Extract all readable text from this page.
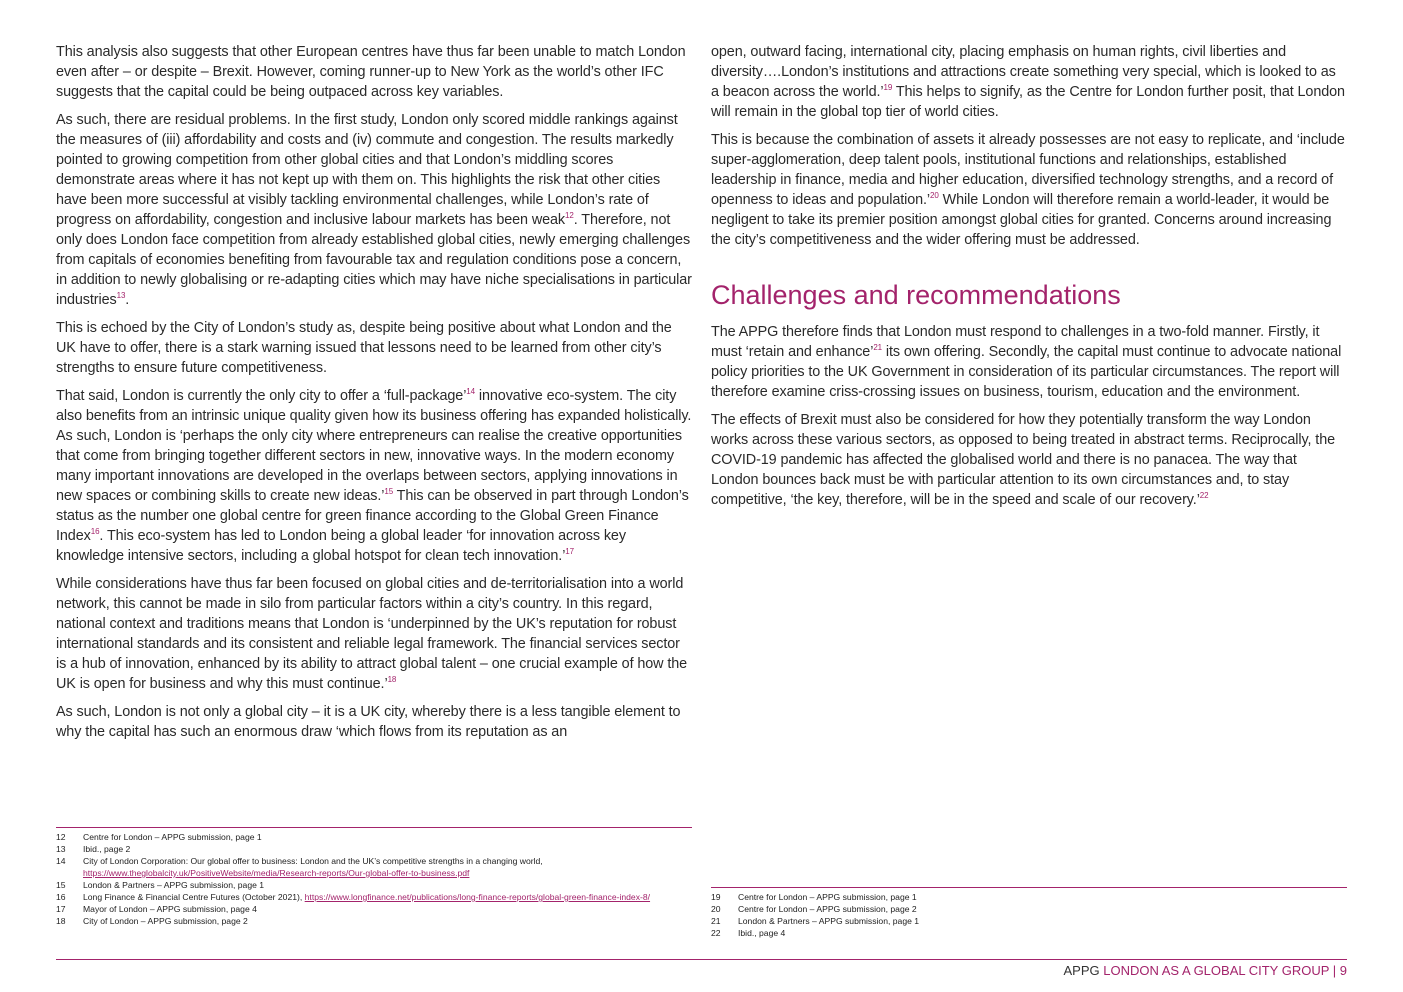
This analysis also suggests that other European centres have thus far been unable to match London even after – or despite – Brexit. However, coming runner-up to New York as the world’s other IFC suggests that the capital could be being outpaced across key variables.

As such, there are residual problems. In the first study, London only scored middle rankings against the measures of (iii) affordability and costs and (iv) commute and congestion. The results markedly pointed to growing competition from other global cities and that London’s middling scores demonstrate areas where it has not kept up with them on. This highlights the risk that other cities have been more successful at visibly tackling environmental challenges, while London’s rate of progress on affordability, congestion and inclusive labour markets has been weak$^{12}$. Therefore, not only does London face competition from already established global cities, newly emerging challenges from capitals of economies benefiting from favourable tax and regulation conditions pose a concern, in addition to newly globalising or re-adapting cities which may have niche specialisations in particular industries$^{13}$.

This is echoed by the City of London’s study as, despite being positive about what London and the UK have to offer, there is a stark warning issued that lessons need to be learned from other city’s strengths to ensure future competitiveness.

That said, London is currently the only city to offer a ‘full-package’$^{14}$ innovative eco-system. The city also benefits from an intrinsic unique quality given how its business offering has expanded holistically. As such, London is ‘perhaps the only city where entrepreneurs can realise the creative opportunities that come from bringing together different sectors in new, innovative ways. In the modern economy many important innovations are developed in the overlaps between sectors, applying innovations in new spaces or combining skills to create new ideas.’$^{15}$ This can be observed in part through London’s status as the number one global centre for green finance according to the Global Green Finance Index$^{16}$. This eco-system has led to London being a global leader ‘for innovation across key knowledge intensive sectors, including a global hotspot for clean tech innovation.’$^{17}$

While considerations have thus far been focused on global cities and de-territorialisation into a world network, this cannot be made in silo from particular factors within a city’s country. In this regard, national context and traditions means that London is ‘underpinned by the UK’s reputation for robust international standards and its consistent and reliable legal framework. The financial services sector is a hub of innovation, enhanced by its ability to attract global talent – one crucial example of how the UK is open for business and why this must continue.’$^{18}$

As such, London is not only a global city – it is a UK city, whereby there is a less tangible element to why the capital has such an enormous draw ‘which flows from its reputation as an

open, outward facing, international city, placing emphasis on human rights, civil liberties and diversity….London’s institutions and attractions create something very special, which is looked to as a beacon across the world.’$^{19}$ This helps to signify, as the Centre for London further posit, that London will remain in the global top tier of world cities.

This is because the combination of assets it already possesses are not easy to replicate, and ‘include super-agglomeration, deep talent pools, institutional functions and relationships, established leadership in finance, media and higher education, diversified technology strengths, and a record of openness to ideas and population.’$^{20}$ While London will therefore remain a world-leader, it would be negligent to take its premier position amongst global cities for granted. Concerns around increasing the city’s competitiveness and the wider offering must be addressed.

Challenges and recommendations

The APPG therefore finds that London must respond to challenges in a two-fold manner. Firstly, it must ‘retain and enhance’$^{21}$ its own offering. Secondly, the capital must continue to advocate national policy priorities to the UK Government in consideration of its particular circumstances. The report will therefore examine criss-crossing issues on business, tourism, education and the environment.

The effects of Brexit must also be considered for how they potentially transform the way London works across these various sectors, as opposed to being treated in abstract terms. Reciprocally, the COVID-19 pandemic has affected the globalised world and there is no panacea. The way that London bounces back must be with particular attention to its own circumstances and, to stay competitive, ‘the key, therefore, will be in the speed and scale of our recovery.’$^{22}$

12	Centre for London – APPG submission, page 1
13	Ibid., page 2
14	City of London Corporation: Our global offer to business: London and the UK’s competitive strengths in a changing world, https://www.theglobalcity.uk/PositiveWebsite/media/Research-reports/Our-global-offer-to-business.pdf
15	London & Partners – APPG submission, page 1
16	Long Finance & Financial Centre Futures (October 2021), https://www.longfinance.net/publications/long-finance-reports/global-green-finance-index-8/
17	Mayor of London – APPG submission, page 4
18	City of London – APPG submission, page 2
19	Centre for London – APPG submission, page 1
20	Centre for London – APPG submission, page 2
21	London & Partners – APPG submission, page 1
22	Ibid., page 4
APPG LONDON AS A GLOBAL CITY GROUP | 9
